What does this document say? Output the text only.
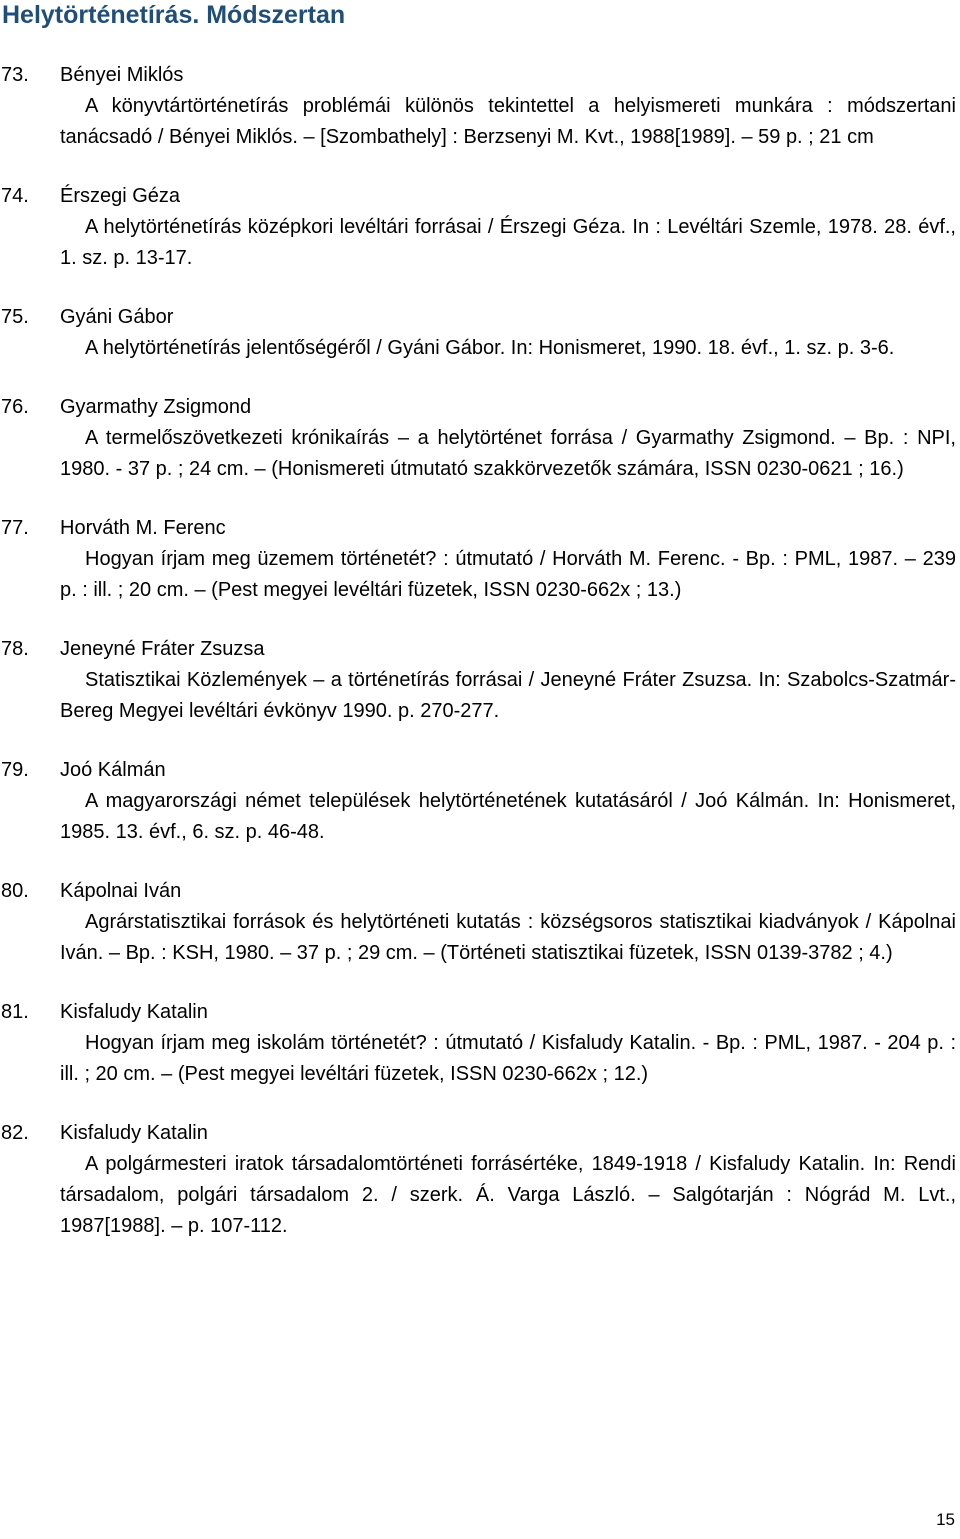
Helytörténetírás. Módszertan
73. Bényei Miklós
A könyvtártörténetírás problémái különös tekintettel a helyismereti munkára : módszertani tanácsadó / Bényei Miklós. – [Szombathely] : Berzsenyi M. Kvt., 1988[1989]. – 59 p. ; 21 cm
74. Érszegi Géza
A helytörténetírás középkori levéltári forrásai / Érszegi Géza. In : Levéltári Szemle, 1978. 28. évf., 1. sz. p. 13-17.
75. Gyáni Gábor
A helytörténetírás jelentőségéről / Gyáni Gábor. In: Honismeret, 1990. 18. évf., 1. sz. p. 3-6.
76. Gyarmathy Zsigmond
A termelőszövetkezeti krónikaírás – a helytörténet forrása / Gyarmathy Zsigmond. – Bp. : NPI, 1980. - 37 p. ; 24 cm. – (Honismereti útmutató szakkörvezetők számára, ISSN 0230-0621 ; 16.)
77. Horváth M. Ferenc
Hogyan írjam meg üzemem történetét? : útmutató / Horváth M. Ferenc. - Bp. : PML, 1987. – 239 p. : ill. ; 20 cm. – (Pest megyei levéltári füzetek, ISSN 0230-662x ; 13.)
78. Jeneyné Fráter Zsuzsa
Statisztikai Közlemények – a történetírás forrásai / Jeneyné Fráter Zsuzsa. In: Szabolcs-Szatmár-Bereg Megyei levéltári évkönyv 1990. p. 270-277.
79. Joó Kálmán
A magyarországi német települések helytörténetének kutatásáról / Joó Kálmán. In: Honismeret, 1985. 13. évf., 6. sz. p. 46-48.
80. Kápolnai Iván
Agrárstatisztikai források és helytörténeti kutatás : községsoros statisztikai kiadványok / Kápolnai Iván. – Bp. : KSH, 1980. – 37 p. ; 29 cm. – (Történeti statisztikai füzetek, ISSN 0139-3782 ; 4.)
81. Kisfaludy Katalin
Hogyan írjam meg iskolám történetét? : útmutató / Kisfaludy Katalin. - Bp. : PML, 1987. - 204 p. : ill. ; 20 cm. – (Pest megyei levéltári füzetek, ISSN 0230-662x ; 12.)
82. Kisfaludy Katalin
A polgármesteri iratok társadalomtörténeti forrásértéke, 1849-1918 / Kisfaludy Katalin. In: Rendi társadalom, polgári társadalom 2. / szerk. Á. Varga László. – Salgótarján : Nógrád M. Lvt., 1987[1988]. – p. 107-112.
15
